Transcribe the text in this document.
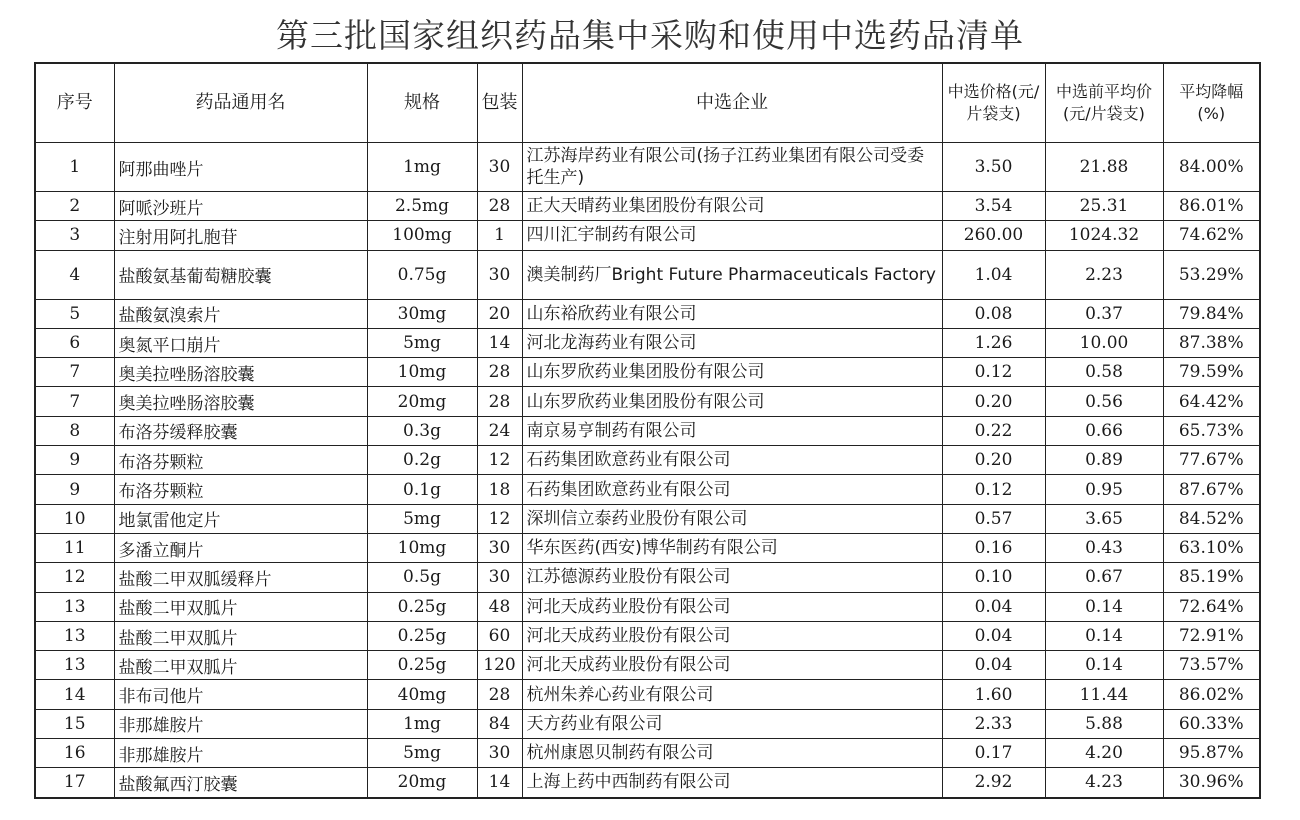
第三批国家组织药品集中采购和使用中选药品清单
序号	药品通用名	规格	包装	中选企业	中选价格(元/片袋支)	中选前平均价(元/片袋支)	平均降幅(%)
1	阿那曲唑片	1mg	30	江苏海岸药业有限公司(扬子江药业集团有限公司受委托生产)	3.50	21.88	84.00%
2	阿哌沙班片	2.5mg	28	正大天晴药业集团股份有限公司	3.54	25.31	86.01%
3	注射用阿扎胞苷	100mg	1	四川汇宇制药有限公司	260.00	1024.32	74.62%
4	盐酸氨基葡萄糖胶囊	0.75g	30	澳美制药厂Bright Future Pharmaceuticals Factory	1.04	2.23	53.29%
5	盐酸氨溴索片	30mg	20	山东裕欣药业有限公司	0.08	0.37	79.84%
6	奥氮平口崩片	5mg	14	河北龙海药业有限公司	1.26	10.00	87.38%
7	奥美拉唑肠溶胶囊	10mg	28	山东罗欣药业集团股份有限公司	0.12	0.58	79.59%
7	奥美拉唑肠溶胶囊	20mg	28	山东罗欣药业集团股份有限公司	0.20	0.56	64.42%
8	布洛芬缓释胶囊	0.3g	24	南京易亨制药有限公司	0.22	0.66	65.73%
9	布洛芬颗粒	0.2g	12	石药集团欧意药业有限公司	0.20	0.89	77.67%
9	布洛芬颗粒	0.1g	18	石药集团欧意药业有限公司	0.12	0.95	87.67%
10	地氯雷他定片	5mg	12	深圳信立泰药业股份有限公司	0.57	3.65	84.52%
11	多潘立酮片	10mg	30	华东医药(西安)博华制药有限公司	0.16	0.43	63.10%
12	盐酸二甲双胍缓释片	0.5g	30	江苏德源药业股份有限公司	0.10	0.67	85.19%
13	盐酸二甲双胍片	0.25g	48	河北天成药业股份有限公司	0.04	0.14	72.64%
13	盐酸二甲双胍片	0.25g	60	河北天成药业股份有限公司	0.04	0.14	72.91%
13	盐酸二甲双胍片	0.25g	120	河北天成药业股份有限公司	0.04	0.14	73.57%
14	非布司他片	40mg	28	杭州朱养心药业有限公司	1.60	11.44	86.02%
15	非那雄胺片	1mg	84	天方药业有限公司	2.33	5.88	60.33%
16	非那雄胺片	5mg	30	杭州康恩贝制药有限公司	0.17	4.20	95.87%
17	盐酸氟西汀胶囊	20mg	14	上海上药中西制药有限公司	2.92	4.23	30.96%
